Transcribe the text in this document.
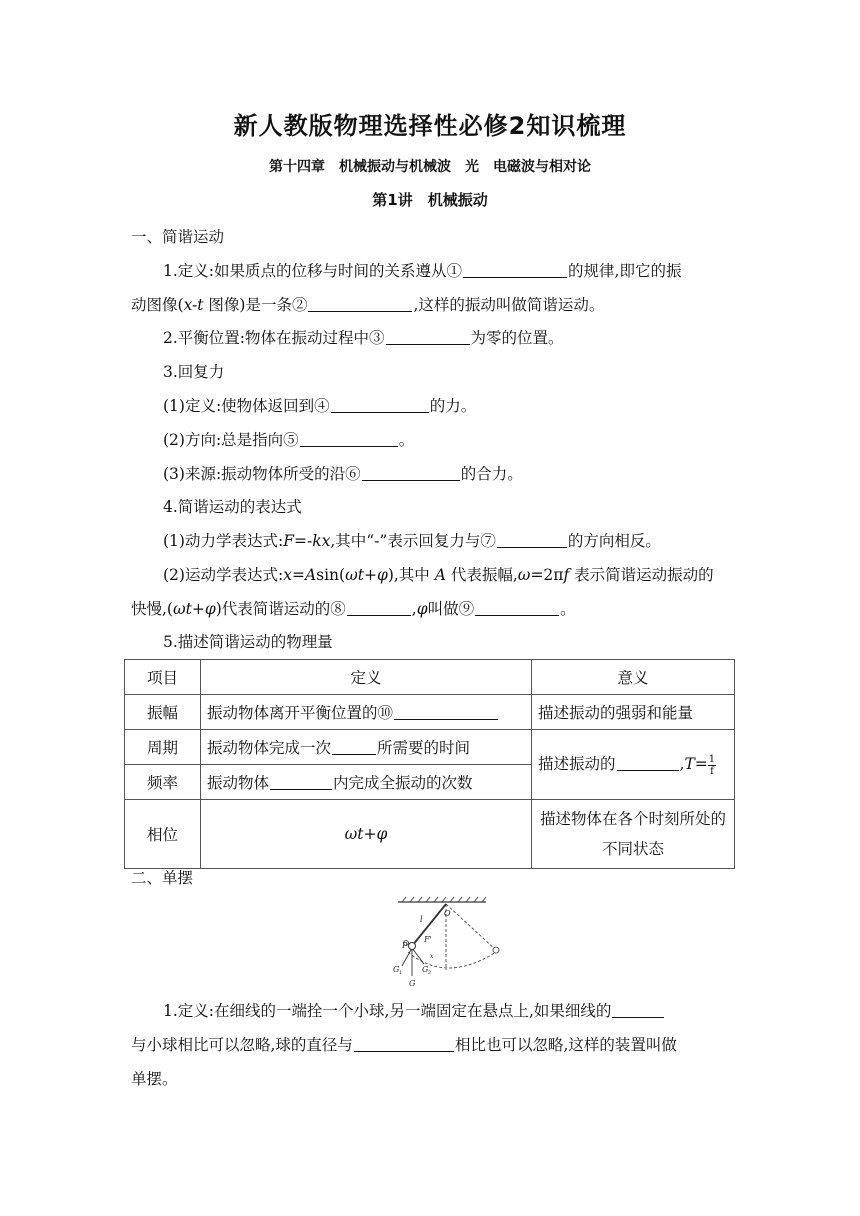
新人教版物理选择性必修2知识梳理
第十四章　机械振动与机械波　光　电磁波与相对论
第1讲　机械振动
一、简谐运动
1.定义:如果质点的位移与时间的关系遵从①	的规律,即它的振
动图像(x-t 图像)是一条②	,这样的振动叫做简谐运动。
2.平衡位置:物体在振动过程中③	为零的位置。
3.回复力
(1)定义:使物体返回到④	的力。
(2)方向:总是指向⑤	。
(3)来源:振动物体所受的沿⑥	的合力。
4.简谐运动的表达式
(1)动力学表达式:F=-kx,其中“-”表示回复力与⑦	的方向相反。
(2)运动学表达式:x=Asin(ωt+φ),其中 A 代表振幅,ω=2πf 表示简谐运动振动的
快慢,(ωt+φ)代表简谐运动的⑧	,φ叫做⑨	。
5.描述简谐运动的物理量
项目	定义	意义
振幅	振动物体离开平衡位置的⑩	描述振动的强弱和能量
周期	振动物体完成一次 所需要的时间	描述振动的 $,T= \frac{1}{f}$

频率	振动物体 内完成全振动的次数	
相位	ωt+φ	描述物体在各个时刻所处的不同状态
二、单摆
O
l
P
F'
x
G 1 G 2
G
1.定义:在细线的一端拴一个小球,另一端固定在悬点上,如果细线的
与小球相比可以忽略,球的直径与	相比也可以忽略,这样的装置叫做
单摆。
